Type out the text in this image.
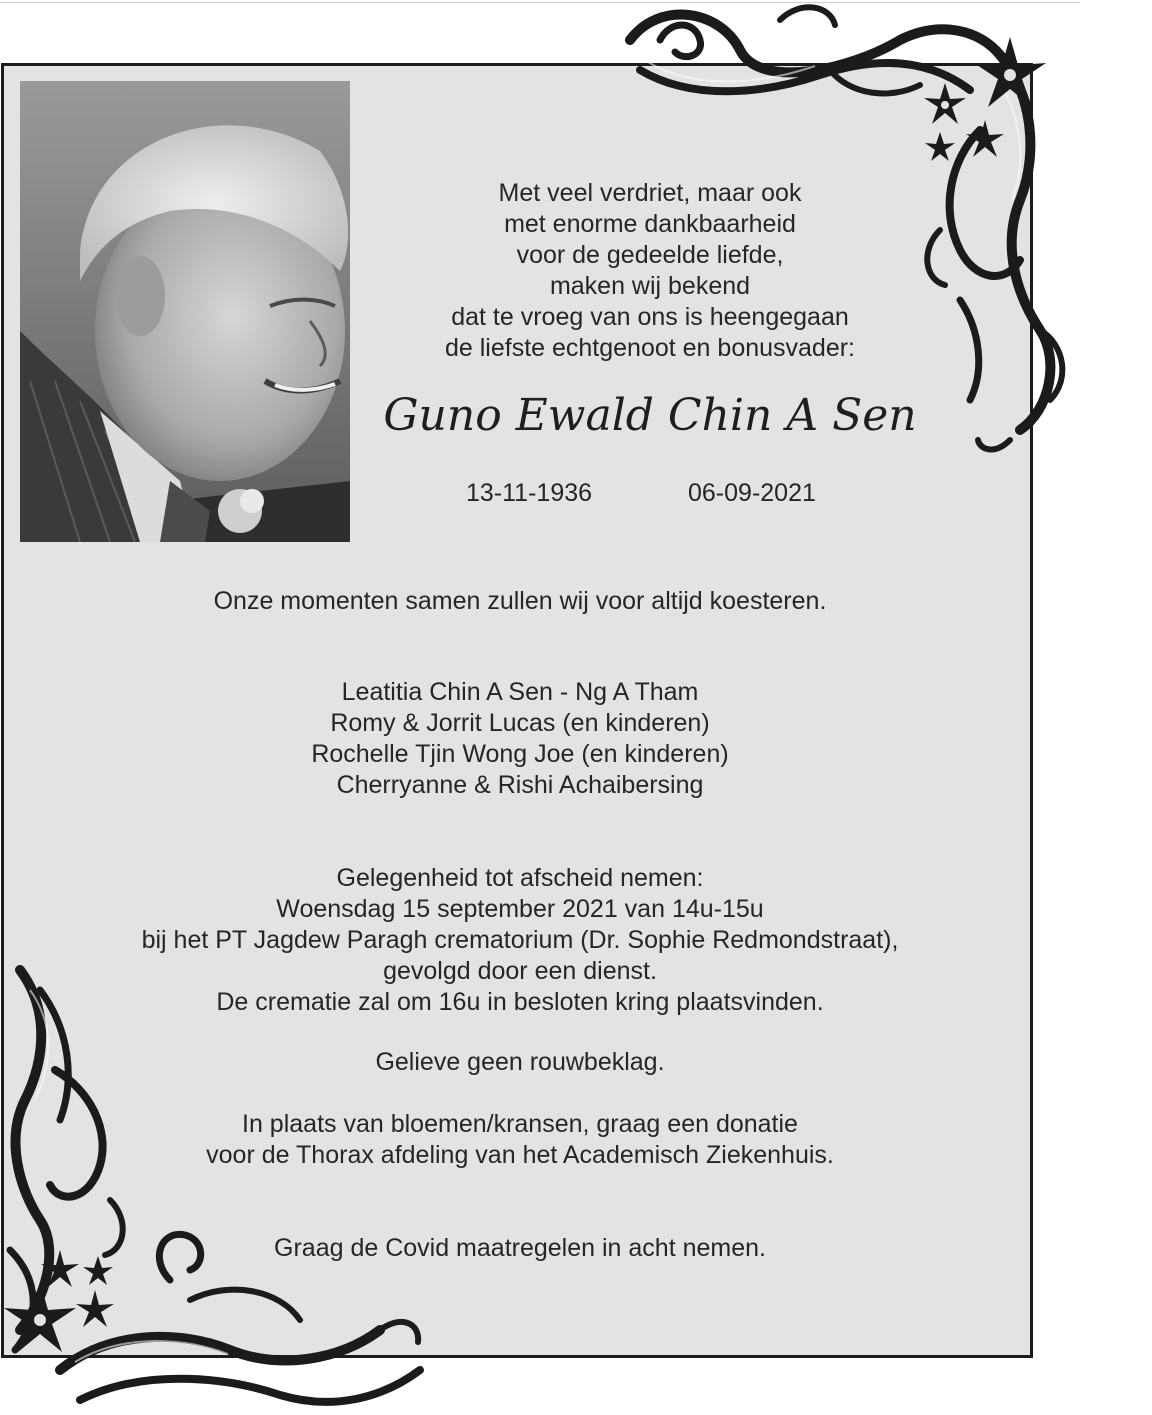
Met veel verdriet, maar ook
met enorme dankbaarheid
voor de gedeelde liefde,
maken wij bekend
dat te vroeg van ons is heengegaan
de liefste echtgenoot en bonusvader:
Guno Ewald Chin A Sen
13-11-1936	06-09-2021
Onze momenten samen zullen wij voor altijd koesteren.
Leatitia Chin A Sen - Ng A Tham
Romy & Jorrit Lucas (en kinderen)
Rochelle Tjin Wong Joe (en kinderen)
Cherryanne & Rishi Achaibersing
Gelegenheid tot afscheid nemen:
Woensdag 15 september 2021 van 14u-15u
bij het PT Jagdew Paragh crematorium (Dr. Sophie Redmondstraat),
gevolgd door een dienst.
De crematie zal om 16u in besloten kring plaatsvinden.
Gelieve geen rouwbeklag.
In plaats van bloemen/kransen, graag een donatie
voor de Thorax afdeling van het Academisch Ziekenhuis.
Graag de Covid maatregelen in acht nemen.
